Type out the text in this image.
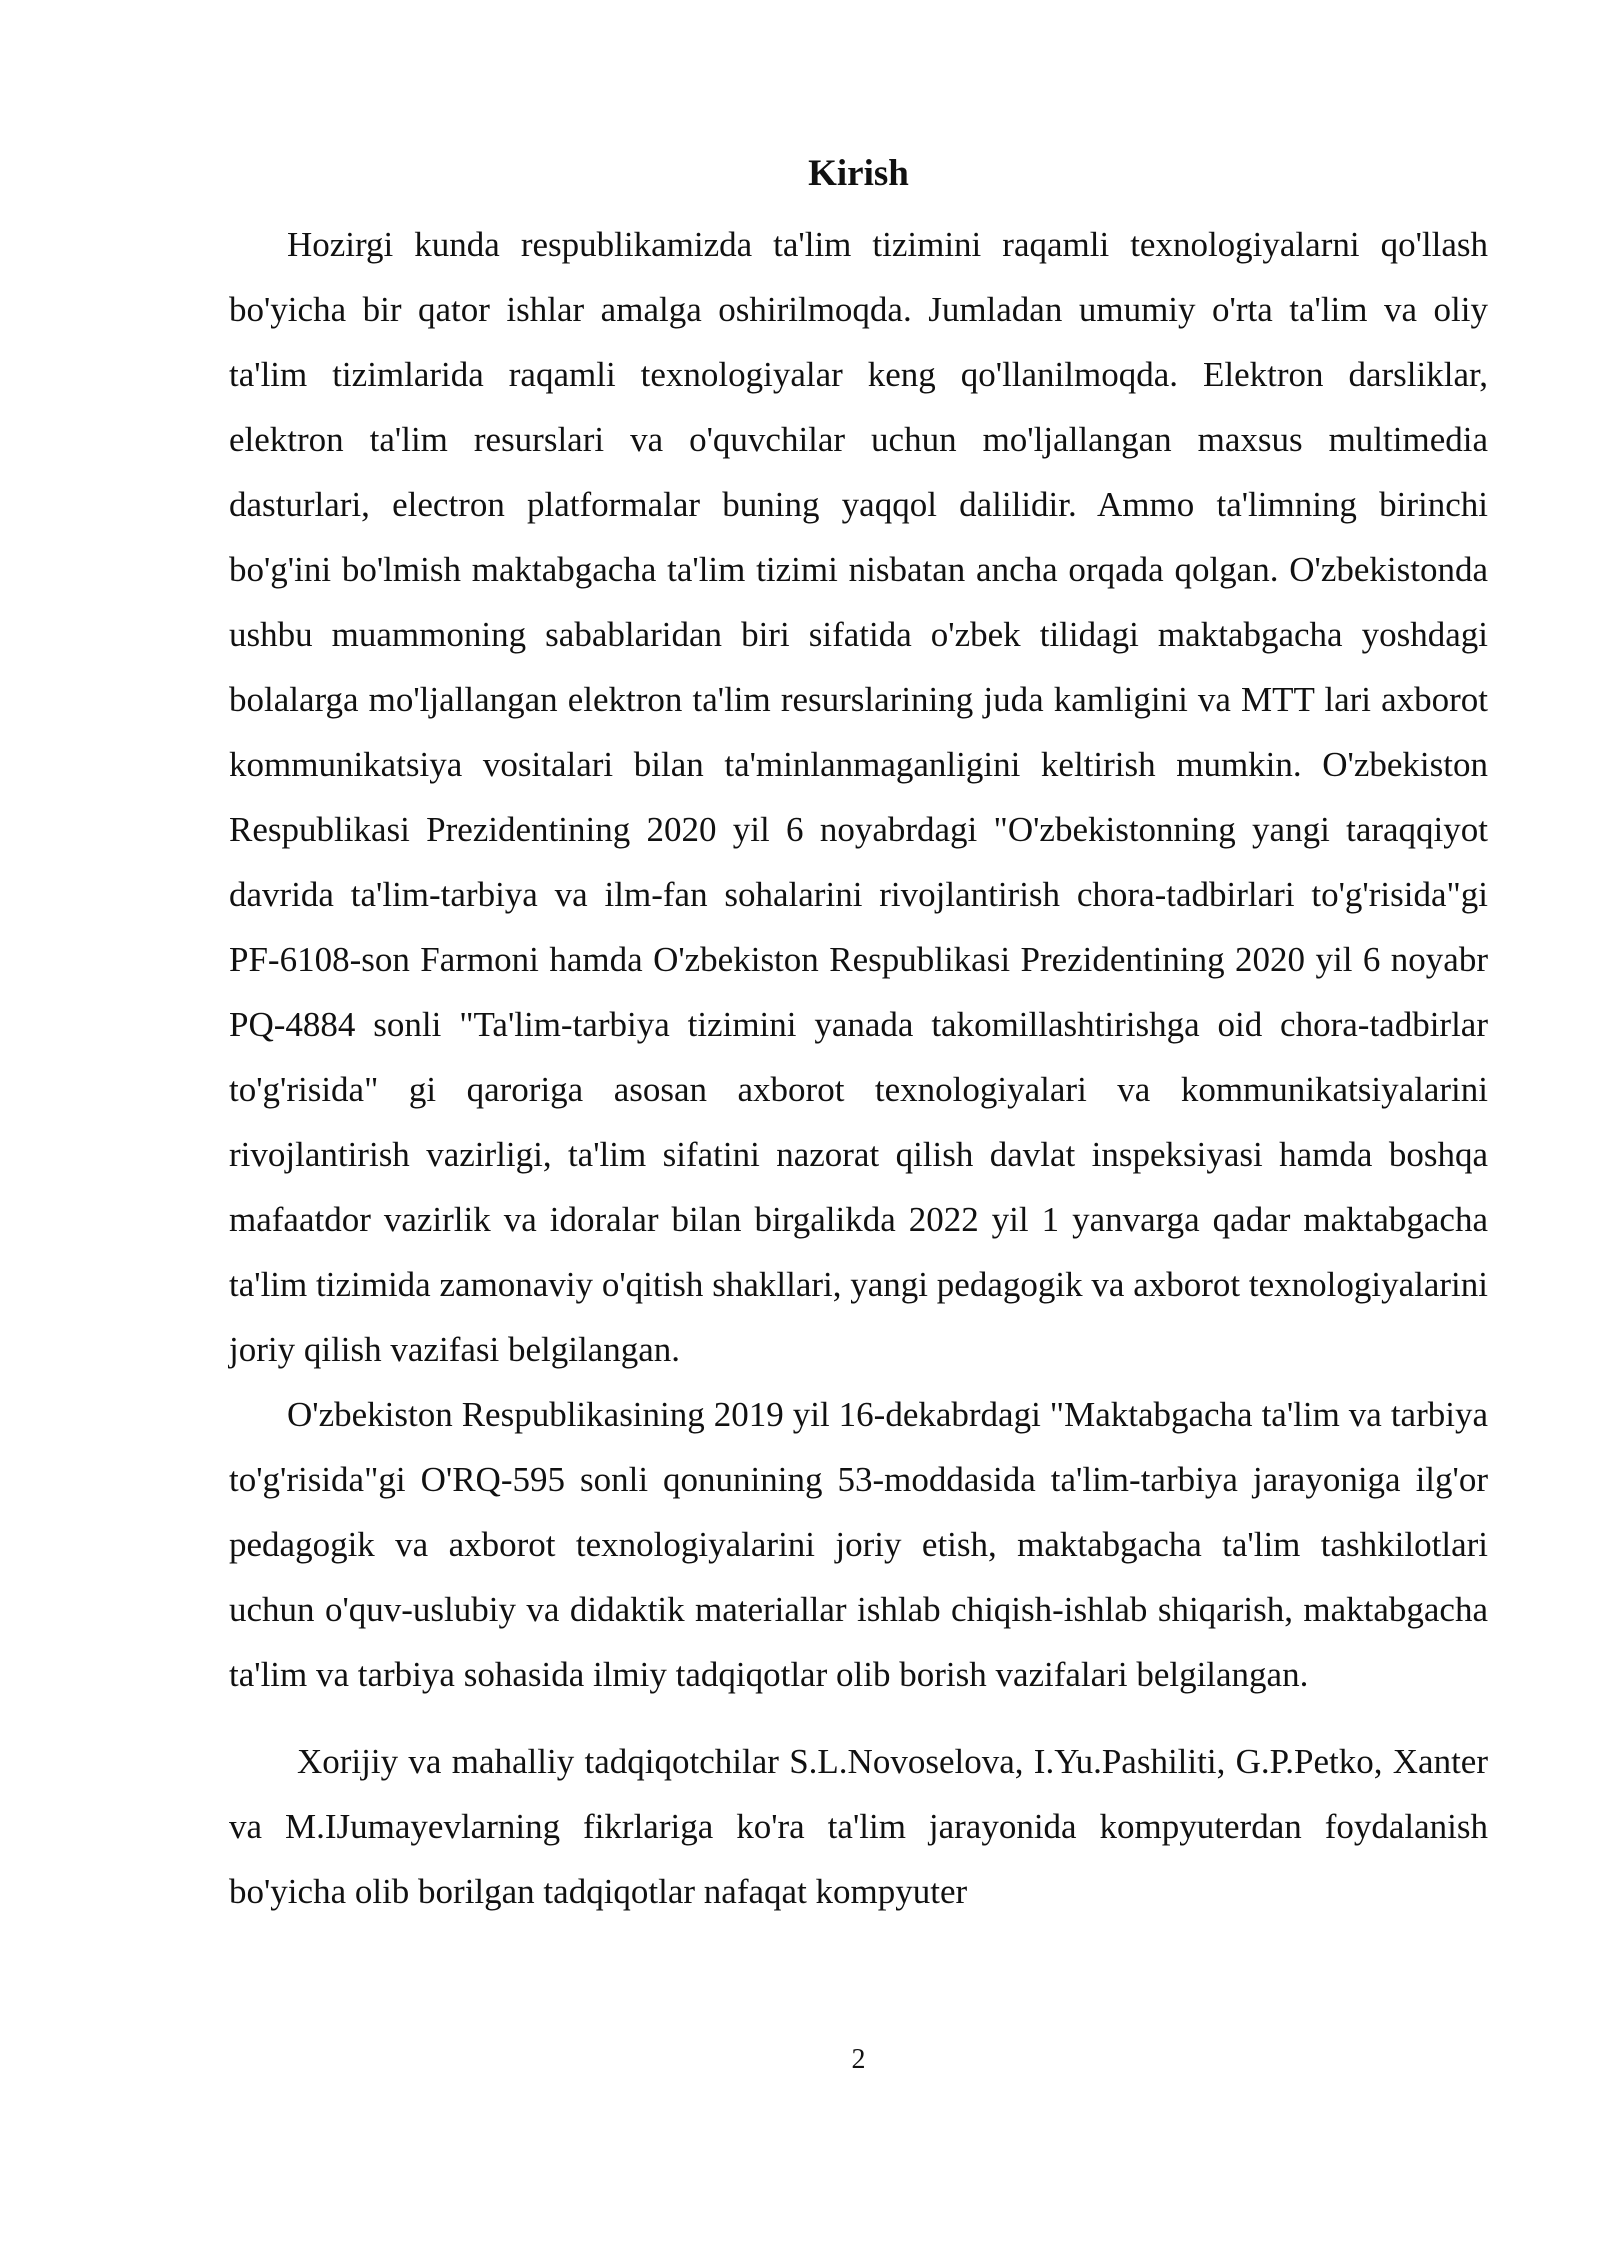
Kirish

Hozirgi kunda respublikamizda ta'lim tizimini raqamli texnologiyalarni qo'llash bo'yicha bir qator ishlar amalga oshirilmoqda. Jumladan umumiy o'rta ta'lim va oliy ta'lim tizimlarida raqamli texnologiyalar keng qo'llanilmoqda. Elektron darsliklar, elektron ta'lim resurslari va o'quvchilar uchun mo'ljallangan maxsus multimedia dasturlari, electron platformalar buning yaqqol dalilidir. Ammo ta'limning birinchi bo'g'ini bo'lmish maktabgacha ta'lim tizimi nisbatan ancha orqada qolgan. O'zbekistonda ushbu muammoning sabablaridan biri sifatida o'zbek tilidagi maktabgacha yoshdagi bolalarga mo'ljallangan elektron ta'lim resurslarining juda kamligini va MTT lari axborot kommunikatsiya vositalari bilan ta'minlanmaganligini keltirish mumkin. O'zbekiston Respublikasi Prezidentining 2020 yil 6 noyabrdagi "O'zbekistonning yangi taraqqiyot davrida ta'lim-tarbiya va ilm-fan sohalarini rivojlantirish chora-tadbirlari to'g'risida"gi PF-6108-son Farmoni hamda O'zbekiston Respublikasi Prezidentining 2020 yil 6 noyabr PQ-4884 sonli "Ta'lim-tarbiya tizimini yanada takomillashtirishga oid chora-tadbirlar to'g'risida" gi qaroriga asosan axborot texnologiyalari va kommunikatsiyalarini rivojlantirish vazirligi, ta'lim sifatini nazorat qilish davlat inspeksiyasi hamda boshqa mafaatdor vazirlik va idoralar bilan birgalikda 2022 yil 1 yanvarga qadar maktabgacha ta'lim tizimida zamonaviy o'qitish shakllari, yangi pedagogik va axborot texnologiyalarini joriy qilish vazifasi belgilangan.

O'zbekiston Respublikasining 2019 yil 16-dekabrdagi "Maktabgacha ta'lim va tarbiya to'g'risida"gi O'RQ-595 sonli qonunining 53-moddasida ta'lim-tarbiya jarayoniga ilg'or pedagogik va axborot texnologiyalarini joriy etish, maktabgacha ta'lim tashkilotlari uchun o'quv-uslubiy va didaktik materiallar ishlab chiqish-ishlab shiqarish, maktabgacha ta'lim va tarbiya sohasida ilmiy tadqiqotlar olib borish vazifalari belgilangan.

Xorijiy va mahalliy tadqiqotchilar S.L.Novoselova, I.Yu.Pashiliti, G.P.Petko, Xanter va M.IJumayevlarning fikrlariga ko'ra ta'lim jarayonida kompyuterdan foydalanish bo'yicha olib borilgan tadqiqotlar nafaqat kompyuter

2
